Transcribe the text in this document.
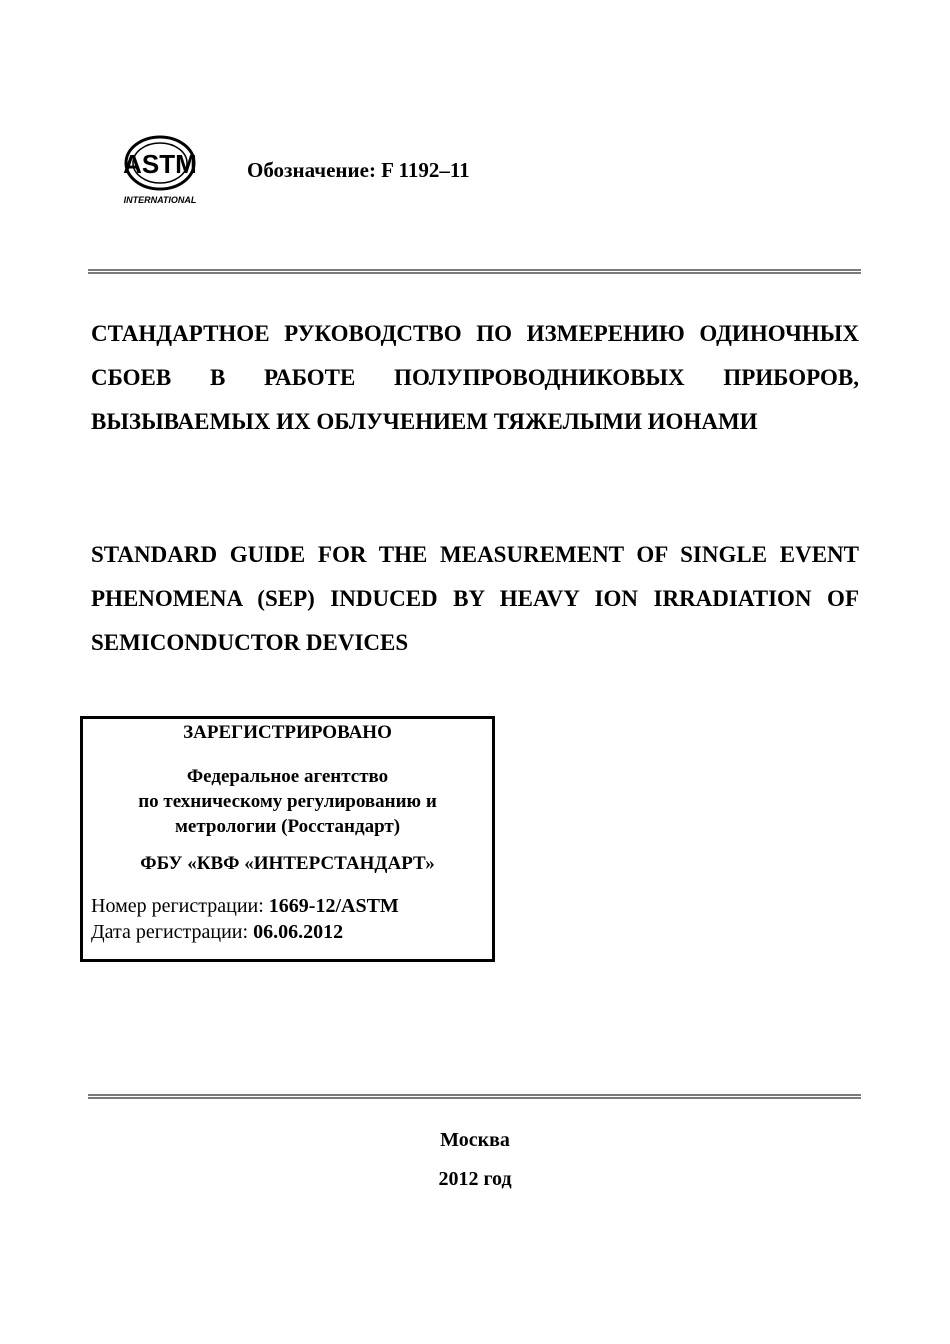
ASTM
INTERNATIONAL
Обозначение: F 1192–11

СТАНДАРТНОЕ РУКОВОДСТВО ПО ИЗМЕРЕНИЮ ОДИНОЧНЫХ СБОЕВ В РАБОТЕ ПОЛУПРОВОДНИКОВЫХ ПРИБОРОВ, ВЫЗЫВАЕМЫХ ИХ ОБЛУЧЕНИЕМ ТЯЖЕЛЫМИ ИОНАМИ

STANDARD GUIDE FOR THE MEASUREMENT OF SINGLE EVENT PHENOMENA (SEP) INDUCED BY HEAVY ION IRRADIATION OF SEMICONDUCTOR DEVICES

ЗАРЕГИСТРИРОВАНО
Федеральное агентство
по техническому регулированию и
метрологии (Росстандарт)
ФБУ «КВФ «ИНТЕРСТАНДАРТ»
Номер регистрации: 1669-12/ASTM
Дата регистрации: 06.06.2012
Москва
2012 год
